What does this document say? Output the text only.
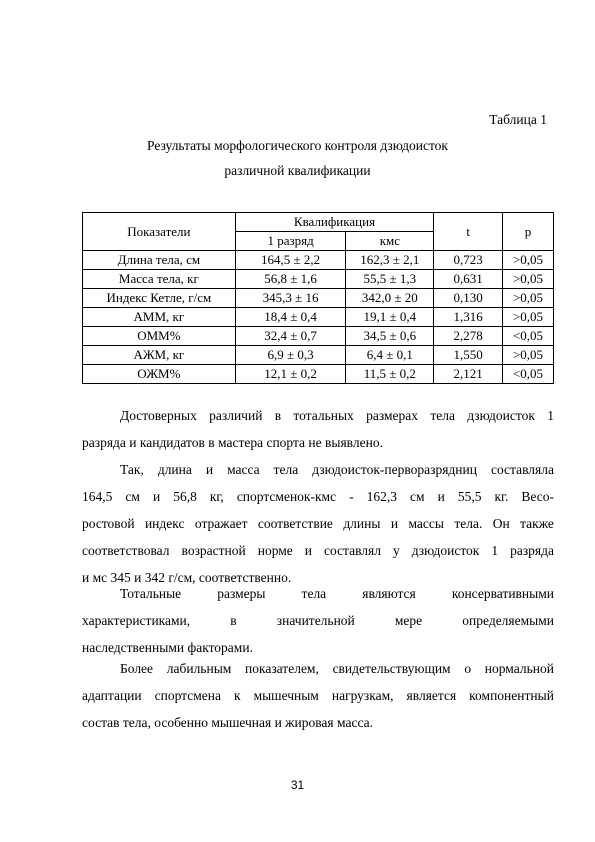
Таблица 1
Результаты морфологического контроля дзюдоисток
различной квалификации
Показатели	Квалификация		t	p
	1 разряд	кмс		
Длина тела, см	164,5 ± 2,2	162,3 ± 2,1	0,723	>0,05
Масса тела, кг	56,8 ± 1,6	55,5 ± 1,3	0,631	>0,05
Индекс Кетле, г/см	345,3 ± 16	342,0 ± 20	0,130	>0,05
АММ, кг	18,4 ± 0,4	19,1 ± 0,4	1,316	>0,05
ОММ%	32,4 ± 0,7	34,5 ± 0,6	2,278	<0,05
АЖМ, кг	6,9 ± 0,3	6,4 ± 0,1	1,550	>0,05
ОЖМ%	12,1 ± 0,2	11,5 ± 0,2	2,121	<0,05
Достоверных различий в тотальных размерах тела дзюдоисток 1
разряда и кандидатов в мастера спорта не выявлено.
Так, длина и масса тела дзюдоисток-перворазрядниц составляла
164,5 см и 56,8 кг, спортсменок-кмс - 162,3 см и 55,5 кг. Весо-
ростовой индекс отражает соответствие длины и массы тела. Он также
соответствовал возрастной норме и составлял у дзюдоисток 1 разряда
и мс 345 и 342 г/см, соответственно.
Тотальные	размеры	тела	являются	консервативными
характеристиками,	в	значительной	мере	определяемыми
наследственными факторами.
Более лабильным показателем, свидетельствующим о нормальной
адаптации спортсмена к мышечным нагрузкам, является компонентный
состав тела, особенно мышечная и жировая масса.
31
